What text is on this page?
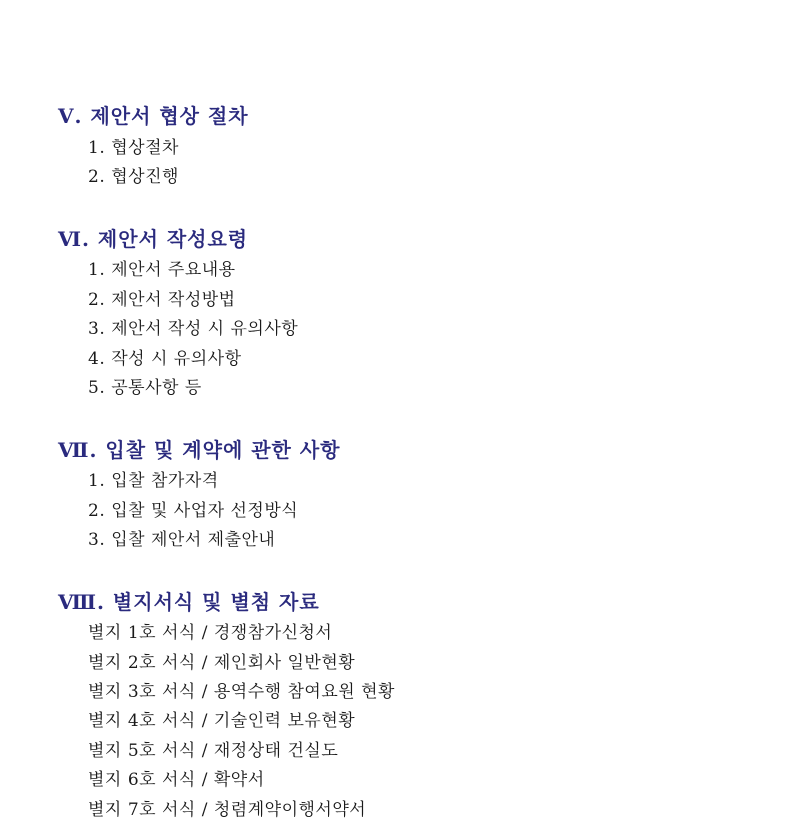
Ⅴ. 제안서 협상 절차
1. 협상절차
2. 협상진행
Ⅵ. 제안서 작성요령
1. 제안서 주요내용
2. 제안서 작성방법
3. 제안서 작성 시 유의사항
4. 작성 시 유의사항
5. 공통사항 등
Ⅶ. 입찰 및 계약에 관한 사항
1. 입찰 참가자격
2. 입찰 및 사업자 선정방식
3. 입찰 제안서 제출안내
Ⅷ. 별지서식 및 별첨 자료
별지 1호 서식 / 경쟁참가신청서
별지 2호 서식 / 제인회사 일반현황
별지 3호 서식 / 용역수행 참여요원 현황
별지 4호 서식 / 기술인력 보유현황
별지 5호 서식 / 재정상태 건실도
별지 6호 서식 / 확약서
별지 7호 서식 / 청렴계약이행서약서
